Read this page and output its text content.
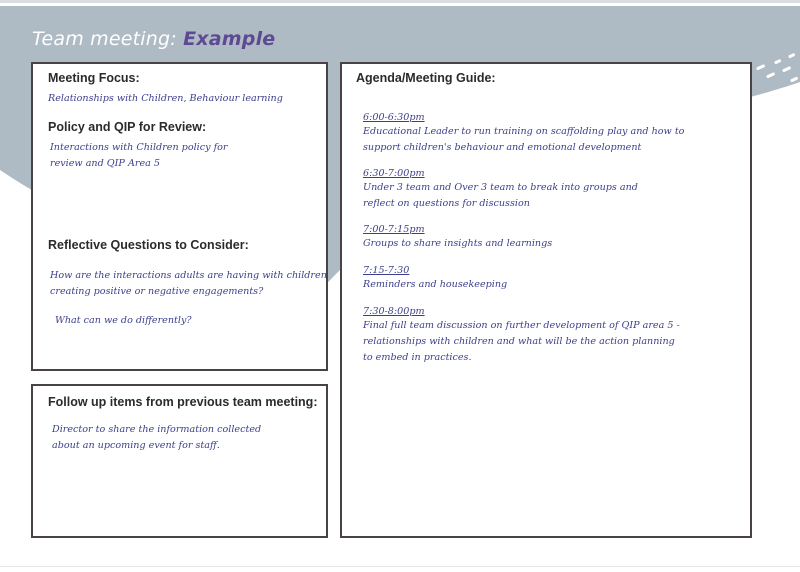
Team meeting: Example
Meeting Focus:
Relationships with Children, Behaviour learning
Policy and QIP for Review:
Interactions with Children policy for
review and QIP Area 5
Reflective Questions to Consider:
How are the interactions adults are having with children
creating positive or negative engagements?
What can we do differently?
Follow up items from previous team meeting:
Director to share the information collected
about an upcoming event for staff.
Agenda/Meeting Guide:
6:00-6:30pm
Educational Leader to run training on scaffolding play and how to
support children's behaviour and emotional development
6:30-7:00pm
Under 3 team and Over 3 team to break into groups and
reflect on questions for discussion
7:00-7:15pm
Groups to share insights and learnings
7:15-7:30
Reminders and housekeeping
7:30-8:00pm
Final full team discussion on further development of QIP area 5 -
relationships with children and what will be the action planning
to embed in practices.
